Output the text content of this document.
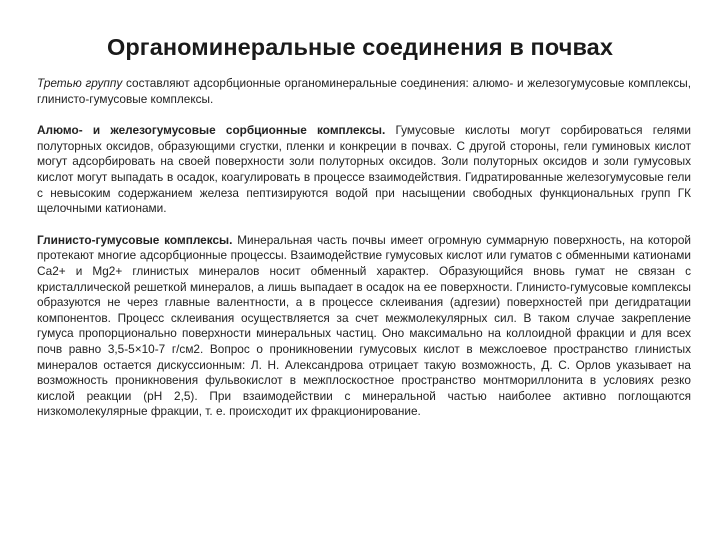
Органоминеральные соединения в почвах

Третью группу составляют адсорбционные органоминеральные соединения: алюмо- и железогумусовые комплексы, глинисто-гумусовые комплексы.

Алюмо- и железогумусовые сорбционные комплексы. Гумусовые кислоты могут сорбироваться гелями полуторных оксидов, образующими сгустки, пленки и конкреции в почвах. С другой стороны, гели гуминовых кислот могут адсорбировать на своей поверхности золи полуторных оксидов. Золи полуторных оксидов и золи гумусовых кислот могут выпадать в осадок, коагулировать в процессе взаимодействия. Гидратированные железогумусовые гели с невысоким содержанием железа пептизируются водой при насыщении свободных функциональных групп ГК щелочными катионами.

Глинисто-гумусовые комплексы. Минеральная часть почвы имеет огромную суммарную поверхность, на которой протекают многие адсорбционные процессы. Взаимодействие гумусовых кислот или гуматов с обменными катионами Са2+ и Mg2+ глинистых минералов носит обменный характер. Образующийся вновь гумат не связан с кристаллической решеткой минералов, а лишь выпадает в осадок на ее поверхности. Глинисто-гумусовые комплексы образуются не через главные валентности, а в процессе склеивания (адгезии) поверхностей при дегидратации компонентов. Процесс склеивания осуществляется за счет межмолекулярных сил. В таком случае закрепление гумуса пропорционально поверхности минеральных частиц. Оно максимально на коллоидной фракции и для всех почв равно 3,5-5×10-7 г/см2. Вопрос о проникновении гумусовых кислот в межслоевое пространство глинистых минералов остается дискуссионным: Л. Н. Александрова отрицает такую возможность, Д. С. Орлов указывает на возможность проникновения фульвокислот в межплоскостное пространство монтмориллонита в условиях резко кислой реакции (рН 2,5). При взаимодействии с минеральной частью наиболее активно поглощаются низкомолекулярные фракции, т. е. происходит их фракционирование.
